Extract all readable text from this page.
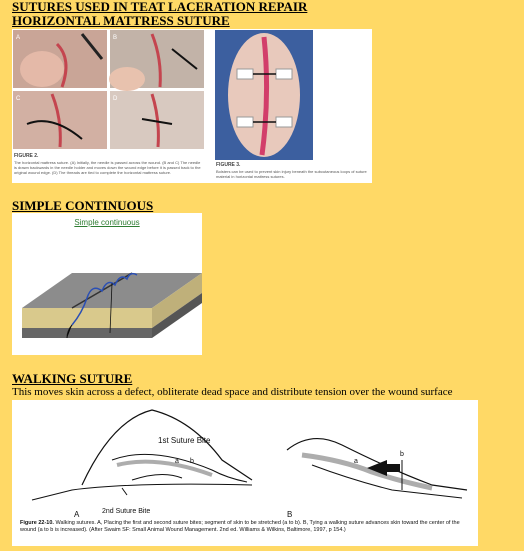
SUTURES USED IN TEAT LACERATION REPAIR
HORIZONTAL MATTRESS SUTURE
A	B
C	D
FIGURE 2.
The horizontal mattress suture. (A) Initially, the needle is passed across the wound. (B and C) The needle is drawn backwards in the needle holder and moves down the wound edge before it is passed back to the original wound edge. (D) The threads are tied to complete the horizontal mattress suture.
FIGURE 3.
Bolsters can be used to prevent skin injury beneath the subcutaneous loops of suture material in horizontal mattress sutures.
SIMPLE CONTINUOUS
Simple continuous
WALKING SUTURE
This moves skin across a defect, obliterate dead space and distribute tension over the wound surface
1st Suture Bite
a b
2nd Suture Bite
a
b
A	B
Figure 22-10. Walking sutures. A, Placing the first and second suture bites; segment of skin to be stretched (a to b). B, Tying a walking suture advances skin toward the center of the wound (a to b is increased). (After Swaim SF: Small Animal Wound Management. 2nd ed. Williams & Wilkins, Baltimore, 1997, p 154.)
